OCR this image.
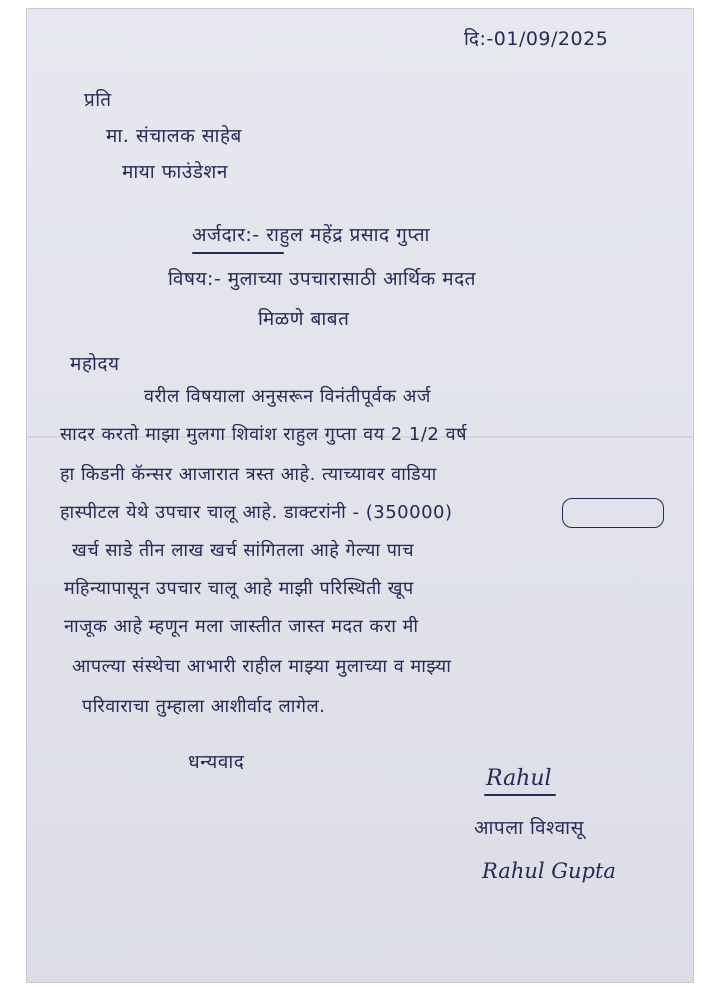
दि:-01/09/2025
प्रति
मा. संचालक साहेब
माया फाउंडेशन
अर्जदार:- राहुल महेंद्र प्रसाद गुप्ता
विषय:- मुलाच्या उपचारासाठी आर्थिक मदत
मिळणे बाबत
महोदय
वरील विषयाला अनुसरून विनंतीपूर्वक अर्ज
सादर करतो माझा मुलगा शिवांश राहुल गुप्ता वय 2 1/2 वर्ष
हा किडनी कॅन्सर आजारात त्रस्त आहे. त्याच्यावर वाडिया
हास्पीटल येथे उपचार चालू आहे. डाक्टरांनी - (350000)
खर्च साडे तीन लाख खर्च सांगितला आहे गेल्या पाच
महिन्यापासून उपचार चालू आहे माझी परिस्थिती खूप
नाजूक आहे म्हणून मला जास्तीत जास्त मदत करा मी
आपल्या संस्थेचा आभारी राहील माझ्या मुलाच्या व माझ्या
परिवाराचा तुम्हाला आशीर्वाद लागेल.
धन्यवाद
Rahul
आपला विश्वासू
Rahul Gupta
